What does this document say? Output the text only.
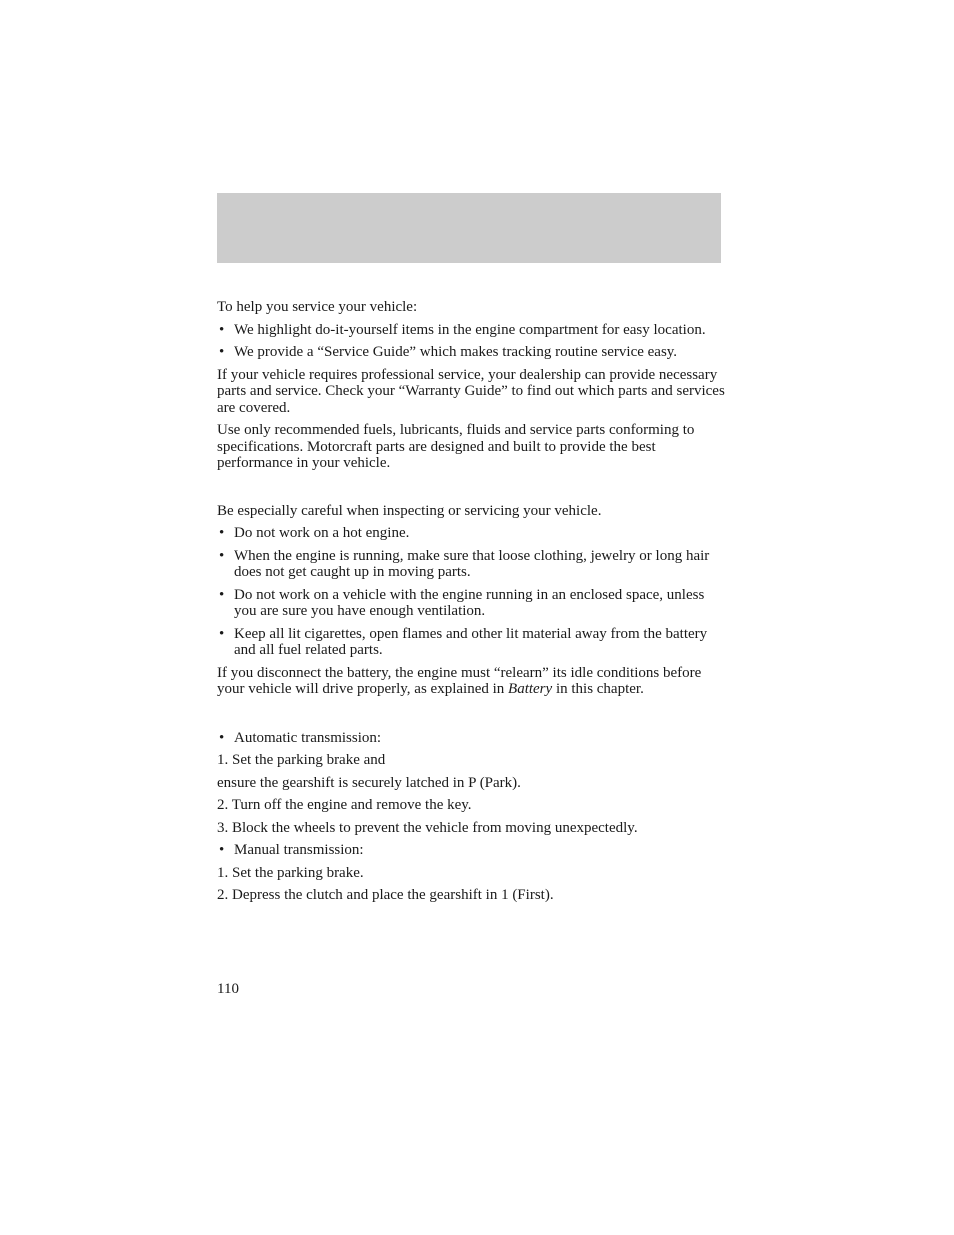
To help you service your vehicle:

• We highlight do-it-yourself items in the engine compartment for easy location.
• We provide a “Service Guide” which makes tracking routine service easy.

If your vehicle requires professional service, your dealership can provide necessary parts and service. Check your “Warranty Guide” to find out which parts and services are covered.

Use only recommended fuels, lubricants, fluids and service parts conforming to specifications. Motorcraft parts are designed and built to provide the best performance in your vehicle.

Be especially careful when inspecting or servicing your vehicle.

• Do not work on a hot engine.
• When the engine is running, make sure that loose clothing, jewelry or long hair does not get caught up in moving parts.
• Do not work on a vehicle with the engine running in an enclosed space, unless you are sure you have enough ventilation.
• Keep all lit cigarettes, open flames and other lit material away from the battery and all fuel related parts.

If you disconnect the battery, the engine must “relearn” its idle conditions before your vehicle will drive properly, as explained in Battery in this chapter.

• Automatic transmission:

1. Set the parking brake and

ensure the gearshift is securely latched in P (Park).

2. Turn off the engine and remove the key.

3. Block the wheels to prevent the vehicle from moving unexpectedly.

• Manual transmission:

1. Set the parking brake.

2. Depress the clutch and place the gearshift in 1 (First).

110
